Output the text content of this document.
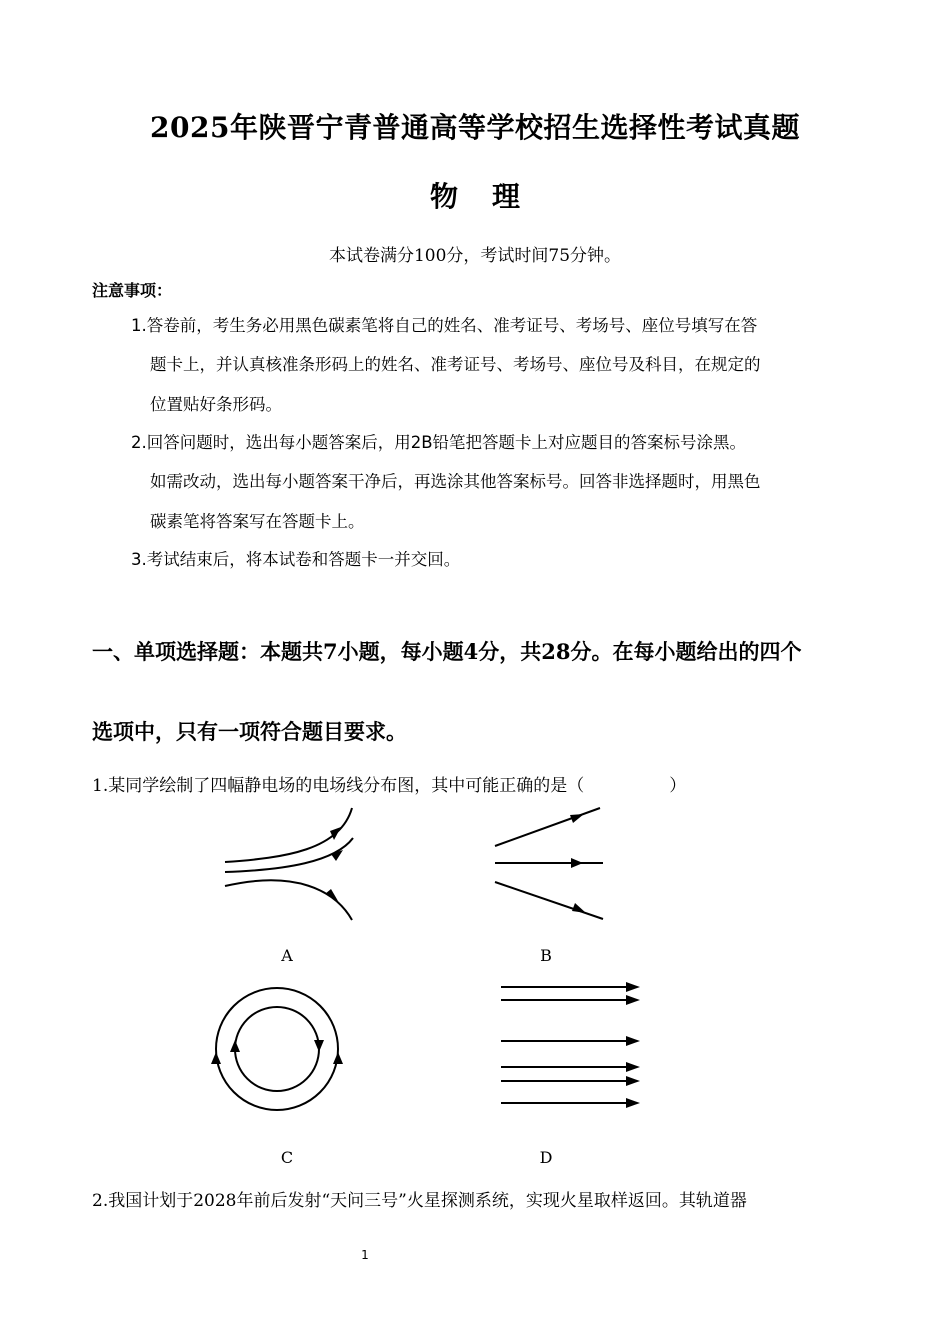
2025年陕晋宁青普通高等学校招生选择性考试真题
物理
本试卷满分100分，考试时间75分钟。
注意事项：
1.答卷前，考生务必用黑色碳素笔将自己的姓名、准考证号、考场号、座位号填写在答
题卡上，并认真核准条形码上的姓名、准考证号、考场号、座位号及科目，在规定的
位置贴好条形码。
2.回答问题时，选出每小题答案后，用2B铅笔把答题卡上对应题目的答案标号涂黑。
如需改动，选出每小题答案干净后，再选涂其他答案标号。回答非选择题时，用黑色
碳素笔将答案写在答题卡上。
3.考试结束后，将本试卷和答题卡一并交回。
一、单项选择题：本题共7小题，每小题4分，共28分。在每小题给出的四个
选项中，只有一项符合题目要求。
1.某同学绘制了四幅静电场的电场线分布图，其中可能正确的是（　　　　　）
A	B
C	D
2.我国计划于2028年前后发射“天问三号”火星探测系统，实现火星取样返回。其轨道器
1
